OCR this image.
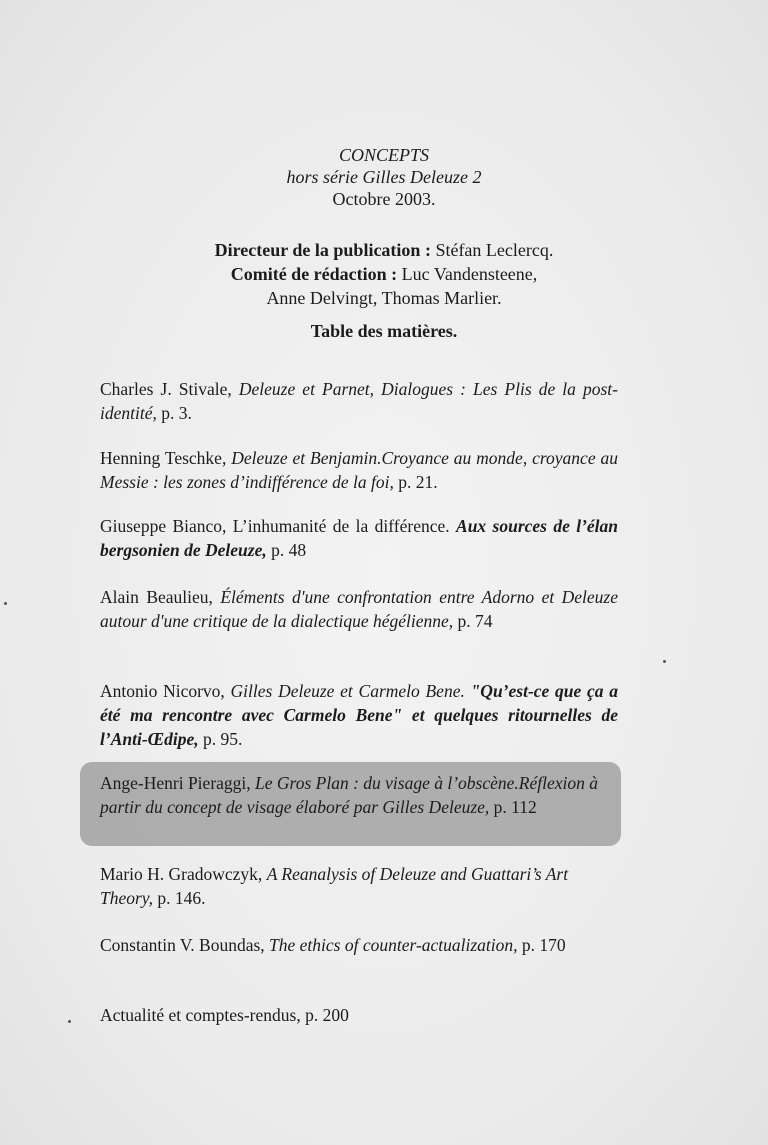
CONCEPTS
hors série Gilles Deleuze 2
Octobre 2003.
Directeur de la publication : Stéfan Leclercq.
Comité de rédaction : Luc Vandensteene,
Anne Delvingt, Thomas Marlier.
Table des matières.
Charles J. Stivale, Deleuze et Parnet, Dialogues : Les Plis de la post-identité, p. 3.
Henning Teschke, Deleuze et Benjamin.Croyance au monde, croyance au Messie : les zones d’indifférence de la foi, p. 21.
Giuseppe Bianco, L’inhumanité de la différence. Aux sources de l’élan bergsonien de Deleuze, p. 48
Alain Beaulieu, Éléments d'une confrontation entre Adorno et Deleuze autour d'une critique de la dialectique hégélienne, p. 74
Antonio Nicorvo, Gilles Deleuze et Carmelo Bene. "Qu’est-ce que ça a été ma rencontre avec Carmelo Bene" et quelques ritournelles de l’Anti-Œdipe, p. 95.
Ange-Henri Pieraggi, Le Gros Plan : du visage à l’obscène.Réflexion à partir du concept de visage élaboré par Gilles Deleuze, p. 112
Mario H. Gradowczyk, A Reanalysis of Deleuze and Guattari’s Art Theory, p. 146.
Constantin V. Boundas, The ethics of counter-actualization, p. 170
Actualité et comptes-rendus, p. 200
